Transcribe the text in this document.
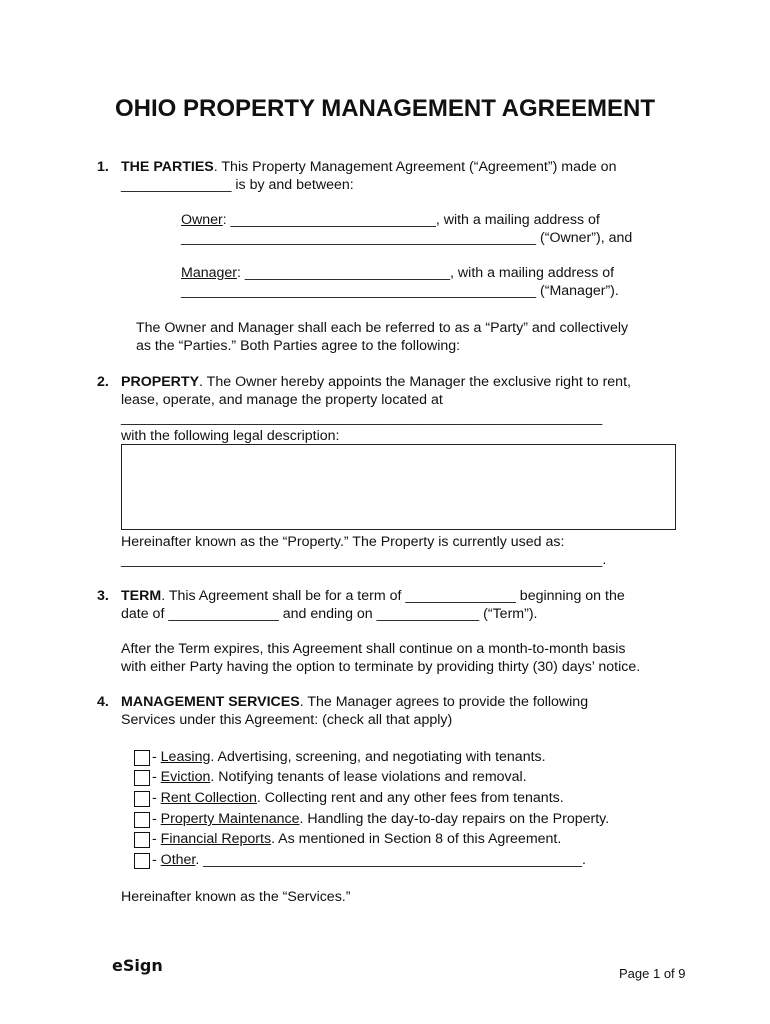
OHIO PROPERTY MANAGEMENT AGREEMENT
1. THE PARTIES. This Property Management Agreement (“Agreement”) made on
______________ is by and between:
Owner: __________________________, with a mailing address of
_____________________________________________ (“Owner”), and
Manager: __________________________, with a mailing address of
_____________________________________________ (“Manager”).
The Owner and Manager shall each be referred to as a “Party” and collectively
as the “Parties.” Both Parties agree to the following:
2. PROPERTY. The Owner hereby appoints the Manager the exclusive right to rent,
lease, operate, and manage the property located at
_____________________________________________________________
with the following legal description:
Hereinafter known as the “Property.” The Property is currently used as:
_____________________________________________________________.
3. TERM. This Agreement shall be for a term of ______________ beginning on the
date of ______________ and ending on _____________ (“Term”).
After the Term expires, this Agreement shall continue on a month-to-month basis
with either Party having the option to terminate by providing thirty (30) days’ notice.
4. MANAGEMENT SERVICES. The Manager agrees to provide the following
Services under this Agreement: (check all that apply)
- Leasing. Advertising, screening, and negotiating with tenants.
- Eviction. Notifying tenants of lease violations and removal.
- Rent Collection. Collecting rent and any other fees from tenants.
- Property Maintenance. Handling the day-to-day repairs on the Property.
- Financial Reports. As mentioned in Section 8 of this Agreement.
- Other. ________________________________________________.
Hereinafter known as the “Services.”
eSign	Page 1 of 9
